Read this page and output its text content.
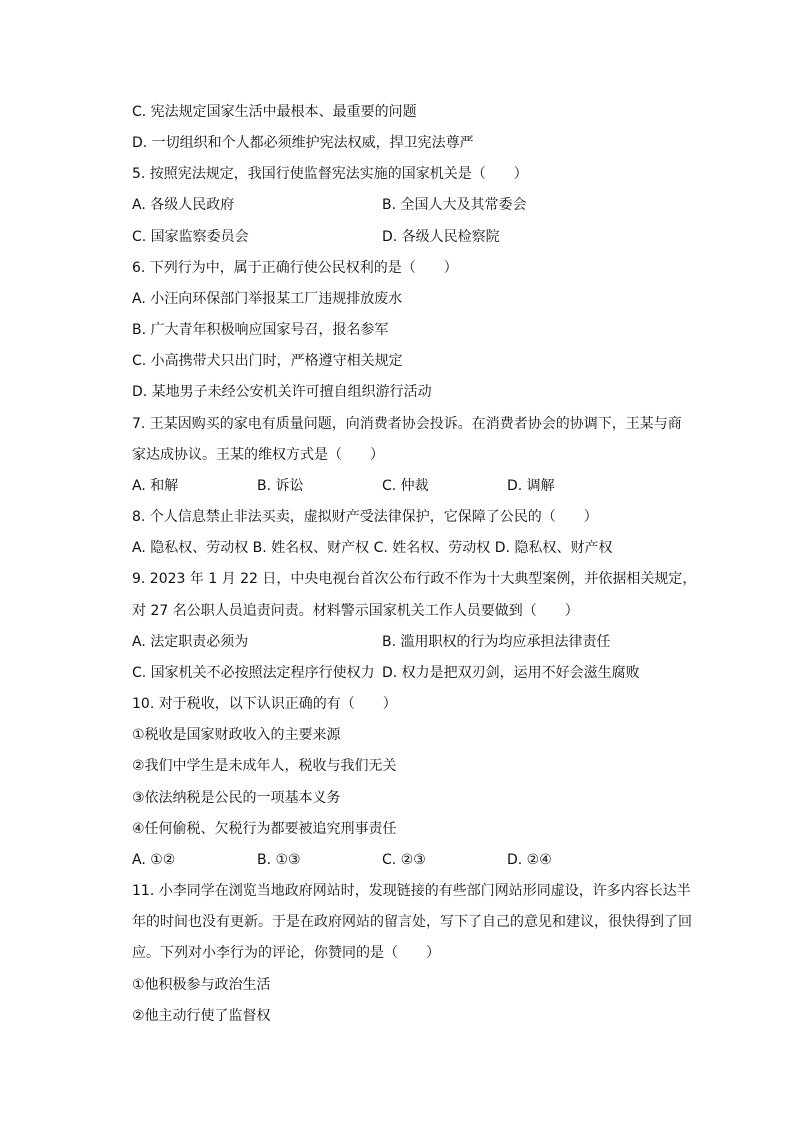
C. 宪法规定国家生活中最根本、最重要的问题
D. 一切组织和个人都必须维护宪法权威，捍卫宪法尊严
5. 按照宪法规定，我国行使监督宪法实施的国家机关是（　　）
A. 各级人民政府	B. 全国人大及其常委会
C. 国家监察委员会	D. 各级人民检察院
6. 下列行为中，属于正确行使公民权利的是（　　）
A. 小汪向环保部门举报某工厂违规排放废水
B. 广大青年积极响应国家号召，报名参军
C. 小高携带犬只出门时，严格遵守相关规定
D. 某地男子未经公安机关许可擅自组织游行活动
7. 王某因购买的家电有质量问题，向消费者协会投诉。在消费者协会的协调下，王某与商
家达成协议。王某的维权方式是（　　）
A. 和解	B. 诉讼	C. 仲裁	D. 调解
8. 个人信息禁止非法买卖，虚拟财产受法律保护，它保障了公民的（　　）
A. 隐私权、劳动权 B. 姓名权、财产权 C. 姓名权、劳动权 D. 隐私权、财产权
9. 2023 年 1 月 22 日，中央电视台首次公布行政不作为十大典型案例，并依据相关规定，
对 27 名公职人员追责问责。材料警示国家机关工作人员要做到（　　）
A. 法定职责必须为	B. 滥用职权的行为均应承担法律责任
C. 国家机关不必按照法定程序行使权力 D. 权力是把双刃剑，运用不好会滋生腐败
10. 对于税收，以下认识正确的有（　　）
①税收是国家财政收入的主要来源
②我们中学生是未成年人，税收与我们无关
③依法纳税是公民的一项基本义务
④任何偷税、欠税行为都要被追究刑事责任
A. ①②	B. ①③	C. ②③	D. ②④
11. 小李同学在浏览当地政府网站时，发现链接的有些部门网站形同虚设，许多内容长达半
年的时间也没有更新。于是在政府网站的留言处，写下了自己的意见和建议，很快得到了回
应。下列对小李行为的评论，你赞同的是（　　）
①他积极参与政治生活
②他主动行使了监督权
